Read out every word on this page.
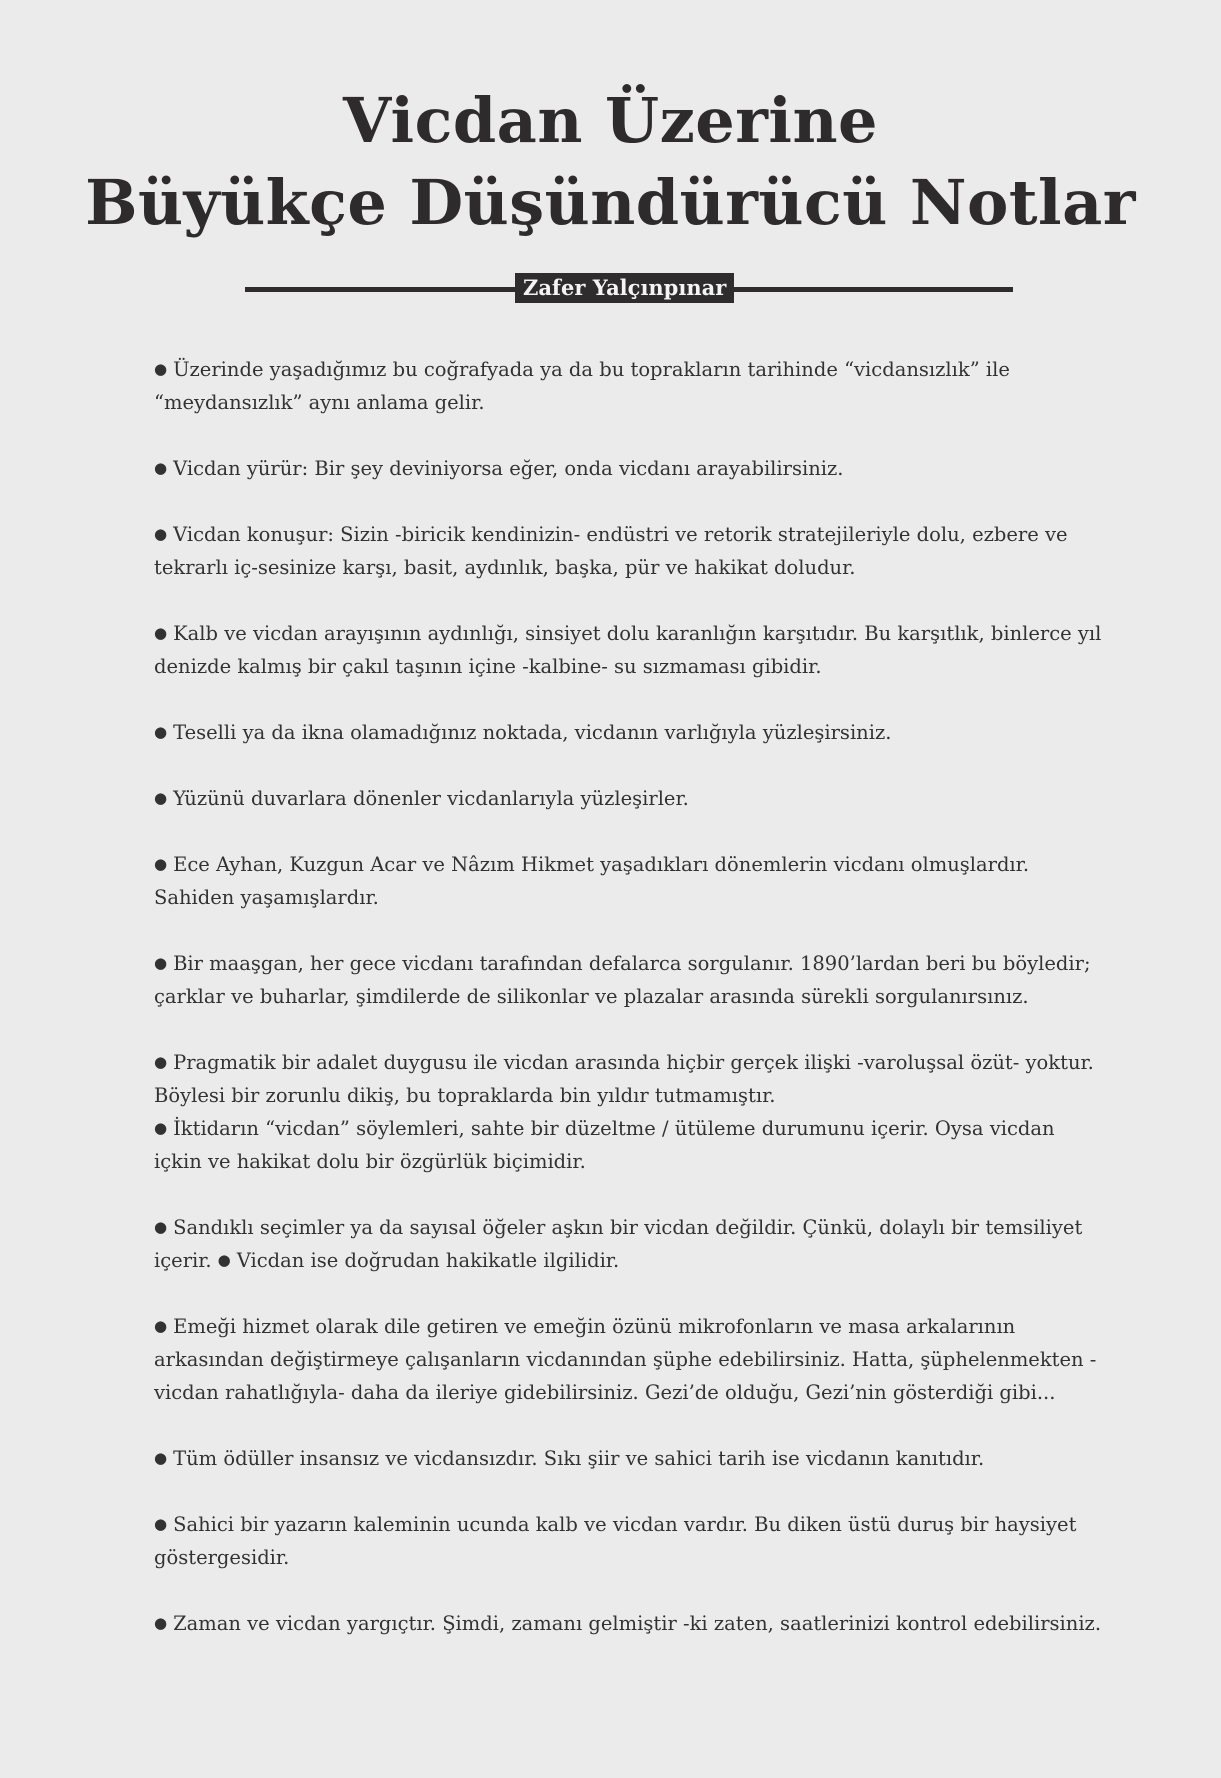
Vicdan Üzerine
Büyükçe Düşündürücü Notlar
Zafer Yalçınpınar

● Üzerinde yaşadığımız bu coğrafyada ya da bu toprakların tarihinde “vicdansızlık” ile “meydansızlık” aynı anlama gelir.

● Vicdan yürür: Bir şey deviniyorsa eğer, onda vicdanı arayabilirsiniz.

● Vicdan konuşur: Sizin -biricik kendinizin- endüstri ve retorik stratejileriyle dolu, ezbere ve tekrarlı iç-sesinize karşı, basit, aydınlık, başka, pür ve hakikat doludur.

● Kalb ve vicdan arayışının aydınlığı, sinsiyet dolu karanlığın karşıtıdır. Bu karşıtlık, binlerce yıl denizde kalmış bir çakıl taşının içine -kalbine- su sızmaması gibidir.

● Teselli ya da ikna olamadığınız noktada, vicdanın varlığıyla yüzleşirsiniz.

● Yüzünü duvarlara dönenler vicdanlarıyla yüzleşirler.

● Ece Ayhan, Kuzgun Acar ve Nâzım Hikmet yaşadıkları dönemlerin vicdanı olmuşlardır. Sahiden yaşamışlardır.

● Bir maaşgan, her gece vicdanı tarafından defalarca sorgulanır. 1890’lardan beri bu böyledir; çarklar ve buharlar, şimdilerde de silikonlar ve plazalar arasında sürekli sorgulanırsınız.

● Pragmatik bir adalet duygusu ile vicdan arasında hiçbir gerçek ilişki -varoluşsal özüt- yoktur. Böylesi bir zorunlu dikiş, bu topraklarda bin yıldır tutmamıştır.

● İktidarın “vicdan” söylemleri, sahte bir düzeltme / ütüleme durumunu içerir. Oysa vicdan içkin ve hakikat dolu bir özgürlük biçimidir.

● Sandıklı seçimler ya da sayısal öğeler aşkın bir vicdan değildir. Çünkü, dolaylı bir temsiliyet içerir. ● Vicdan ise doğrudan hakikatle ilgilidir.

● Emeği hizmet olarak dile getiren ve emeğin özünü mikrofonların ve masa arkalarının arkasından değiştirmeye çalışanların vicdanından şüphe edebilirsiniz. Hatta, şüphelenmekten -vicdan rahatlığıyla- daha da ileriye gidebilirsiniz. Gezi’de olduğu, Gezi’nin gösterdiği gibi...

● Tüm ödüller insansız ve vicdansızdır. Sıkı şiir ve sahici tarih ise vicdanın kanıtıdır.

● Sahici bir yazarın kaleminin ucunda kalb ve vicdan vardır. Bu diken üstü duruş bir haysiyet göstergesidir.

● Zaman ve vicdan yargıçtır. Şimdi, zamanı gelmiştir -ki zaten, saatlerinizi kontrol edebilirsiniz.
